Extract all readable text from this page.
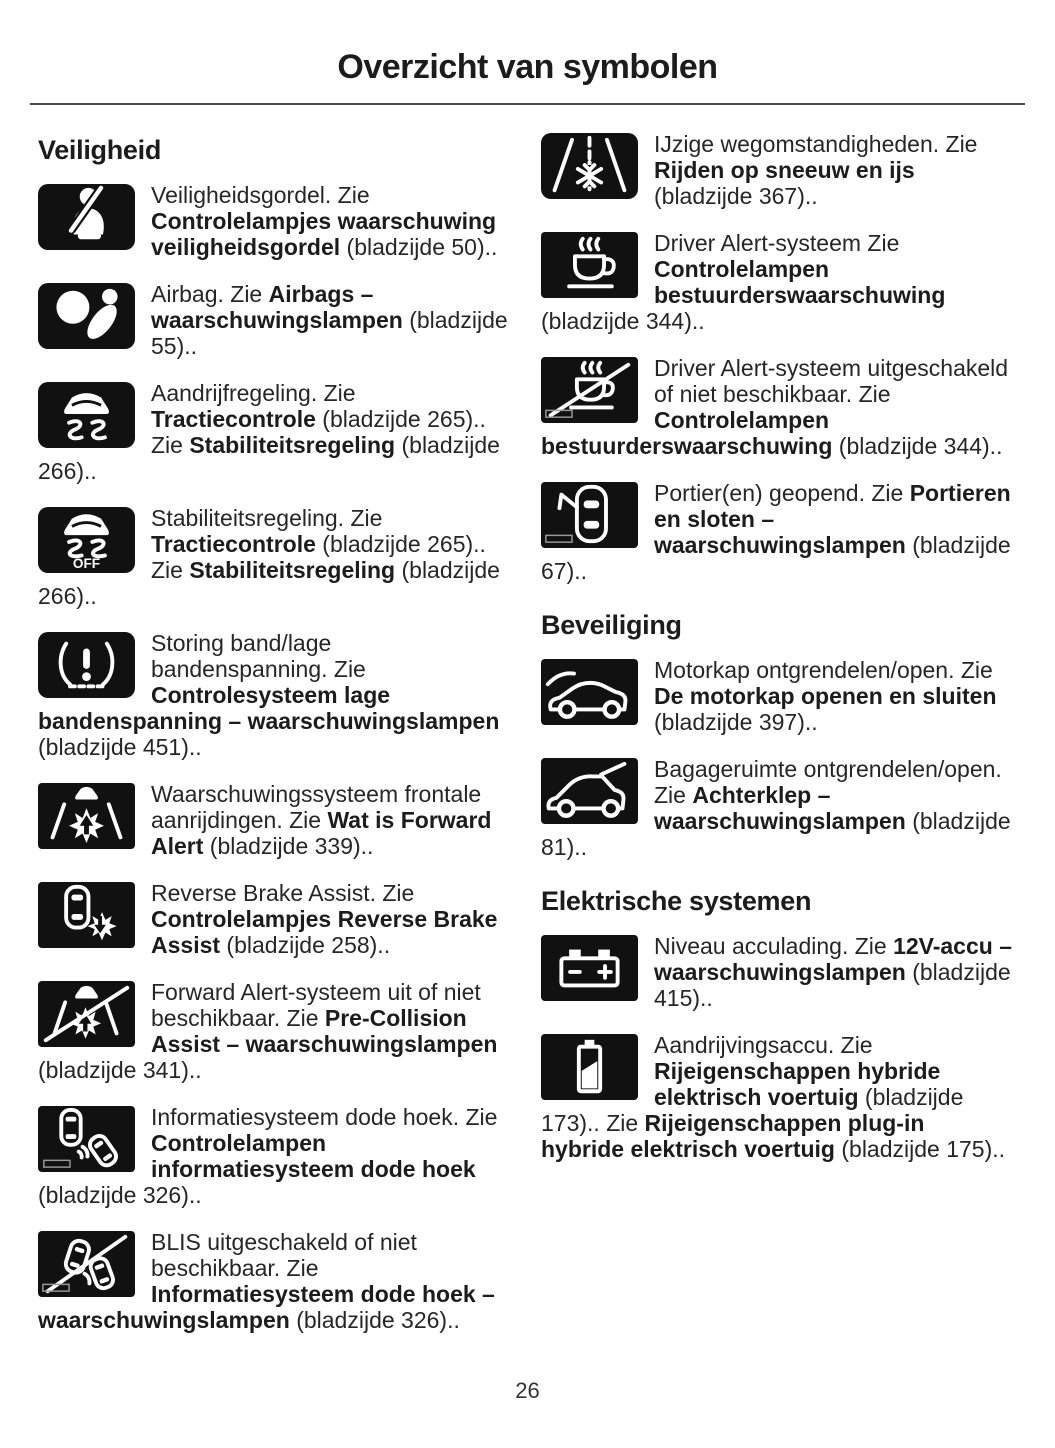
Overzicht van symbolen
Veiligheid

Veiligheidsgordel. Zie Controlelampjes waarschuwing veiligheidsgordel (bladzijde 50)..

Airbag. Zie Airbags – waarschuwingslampen (bladzijde 55)..

Aandrijfregeling. Zie Tractiecontrole (bladzijde 265).. Zie Stabiliteitsregeling (bladzijde 266)..

OFF

Stabiliteitsregeling. Zie Tractiecontrole (bladzijde 265).. Zie Stabiliteitsregeling (bladzijde 266)..

Storing band/lage bandenspanning. Zie Controlesysteem lage bandenspanning – waarschuwingslampen (bladzijde 451)..

Waarschuwingssysteem frontale aanrijdingen. Zie Wat is Forward Alert (bladzijde 339)..

Reverse Brake Assist. Zie Controlelampjes Reverse Brake Assist (bladzijde 258)..

Forward Alert-systeem uit of niet beschikbaar. Zie Pre-Collision Assist – waarschuwingslampen (bladzijde 341)..

Informatiesysteem dode hoek. Zie Controlelampen informatiesysteem dode hoek (bladzijde 326)..

BLIS uitgeschakeld of niet beschikbaar. Zie Informatiesysteem dode hoek – waarschuwingslampen (bladzijde 326)..

IJzige wegomstandigheden. Zie Rijden op sneeuw en ijs (bladzijde 367)..

Driver Alert-systeem Zie Controlelampen bestuurderswaarschuwing (bladzijde 344)..

Driver Alert-systeem uitgeschakeld of niet beschikbaar. Zie Controlelampen bestuurderswaarschuwing (bladzijde 344)..

Portier(en) geopend. Zie Portieren en sloten – waarschuwingslampen (bladzijde 67)..

Beveiliging

Motorkap ontgrendelen/open. Zie De motorkap openen en sluiten (bladzijde 397)..

Bagageruimte ontgrendelen/open. Zie Achterklep – waarschuwingslampen (bladzijde 81)..

Elektrische systemen

Niveau acculading. Zie 12V-accu – waarschuwingslampen (bladzijde 415)..

Aandrijvingsaccu. Zie Rijeigenschappen hybride elektrisch voertuig (bladzijde 173).. Zie Rijeigenschappen plug-in hybride elektrisch voertuig (bladzijde 175)..

26
